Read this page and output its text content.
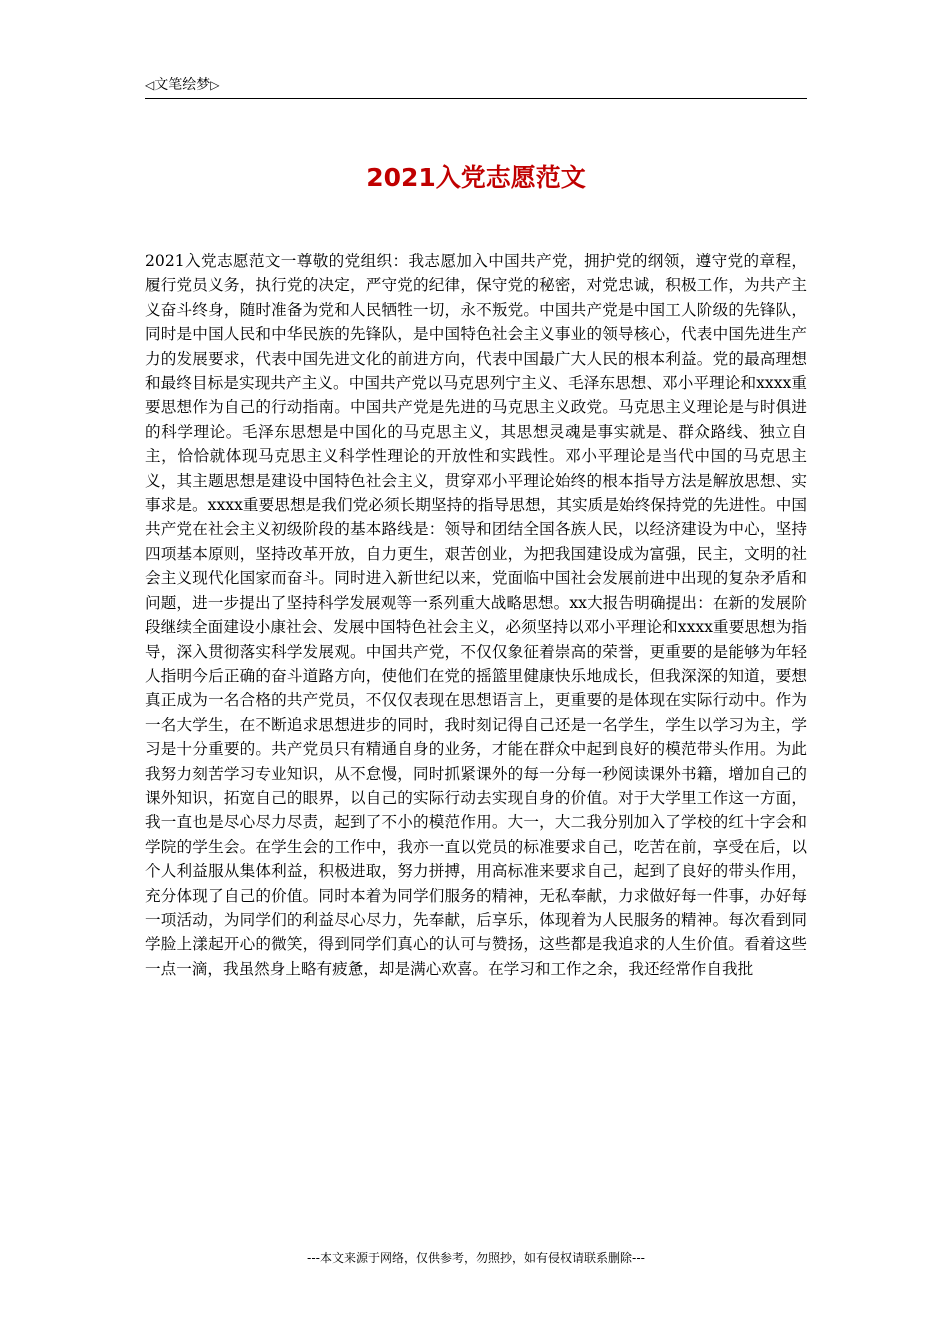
◁文笔绘梦▷
2021入党志愿范文

2021入党志愿范文一尊敬的党组织：我志愿加入中国共产党，拥护党的纲领，遵守党的章程，履行党员义务，执行党的决定，严守党的纪律，保守党的秘密，对党忠诚，积极工作，为共产主义奋斗终身，随时准备为党和人民牺牲一切，永不叛党。中国共产党是中国工人阶级的先锋队，同时是中国人民和中华民族的先锋队，是中国特色社会主义事业的领导核心，代表中国先进生产力的发展要求，代表中国先进文化的前进方向，代表中国最广大人民的根本利益。党的最高理想和最终目标是实现共产主义。中国共产党以马克思列宁主义、毛泽东思想、邓小平理论和xxxx重要思想作为自己的行动指南。中国共产党是先进的马克思主义政党。马克思主义理论是与时俱进的科学理论。毛泽东思想是中国化的马克思主义，其思想灵魂是事实就是、群众路线、独立自主，恰恰就体现马克思主义科学性理论的开放性和实践性。邓小平理论是当代中国的马克思主义，其主题思想是建设中国特色社会主义，贯穿邓小平理论始终的根本指导方法是解放思想、实事求是。xxxx重要思想是我们党必须长期坚持的指导思想，其实质是始终保持党的先进性。中国共产党在社会主义初级阶段的基本路线是：领导和团结全国各族人民，以经济建设为中心，坚持四项基本原则，坚持改革开放，自力更生，艰苦创业，为把我国建设成为富强，民主，文明的社会主义现代化国家而奋斗。同时进入新世纪以来，党面临中国社会发展前进中出现的复杂矛盾和问题，进一步提出了坚持科学发展观等一系列重大战略思想。xx大报告明确提出：在新的发展阶段继续全面建设小康社会、发展中国特色社会主义，必须坚持以邓小平理论和xxxx重要思想为指导，深入贯彻落实科学发展观。中国共产党，不仅仅象征着崇高的荣誉，更重要的是能够为年轻人指明今后正确的奋斗道路方向，使他们在党的摇篮里健康快乐地成长，但我深深的知道，要想真正成为一名合格的共产党员，不仅仅表现在思想语言上，更重要的是体现在实际行动中。作为一名大学生，在不断追求思想进步的同时，我时刻记得自己还是一名学生，学生以学习为主，学习是十分重要的。共产党员只有精通自身的业务，才能在群众中起到良好的模范带头作用。为此我努力刻苦学习专业知识，从不怠慢，同时抓紧课外的每一分每一秒阅读课外书籍，增加自己的课外知识，拓宽自己的眼界，以自己的实际行动去实现自身的价值。对于大学里工作这一方面，我一直也是尽心尽力尽责，起到了不小的模范作用。大一，大二我分别加入了学校的红十字会和学院的学生会。在学生会的工作中，我亦一直以党员的标准要求自己，吃苦在前，享受在后，以个人利益服从集体利益，积极进取，努力拼搏，用高标准来要求自己，起到了良好的带头作用，充分体现了自己的价值。同时本着为同学们服务的精神，无私奉献，力求做好每一件事，办好每一项活动，为同学们的利益尽心尽力，先奉献，后享乐，体现着为人民服务的精神。每次看到同学脸上漾起开心的微笑，得到同学们真心的认可与赞扬，这些都是我追求的人生价值。看着这些一点一滴，我虽然身上略有疲惫，却是满心欢喜。在学习和工作之余，我还经常作自我批

---本文来源于网络，仅供参考，勿照抄，如有侵权请联系删除---
